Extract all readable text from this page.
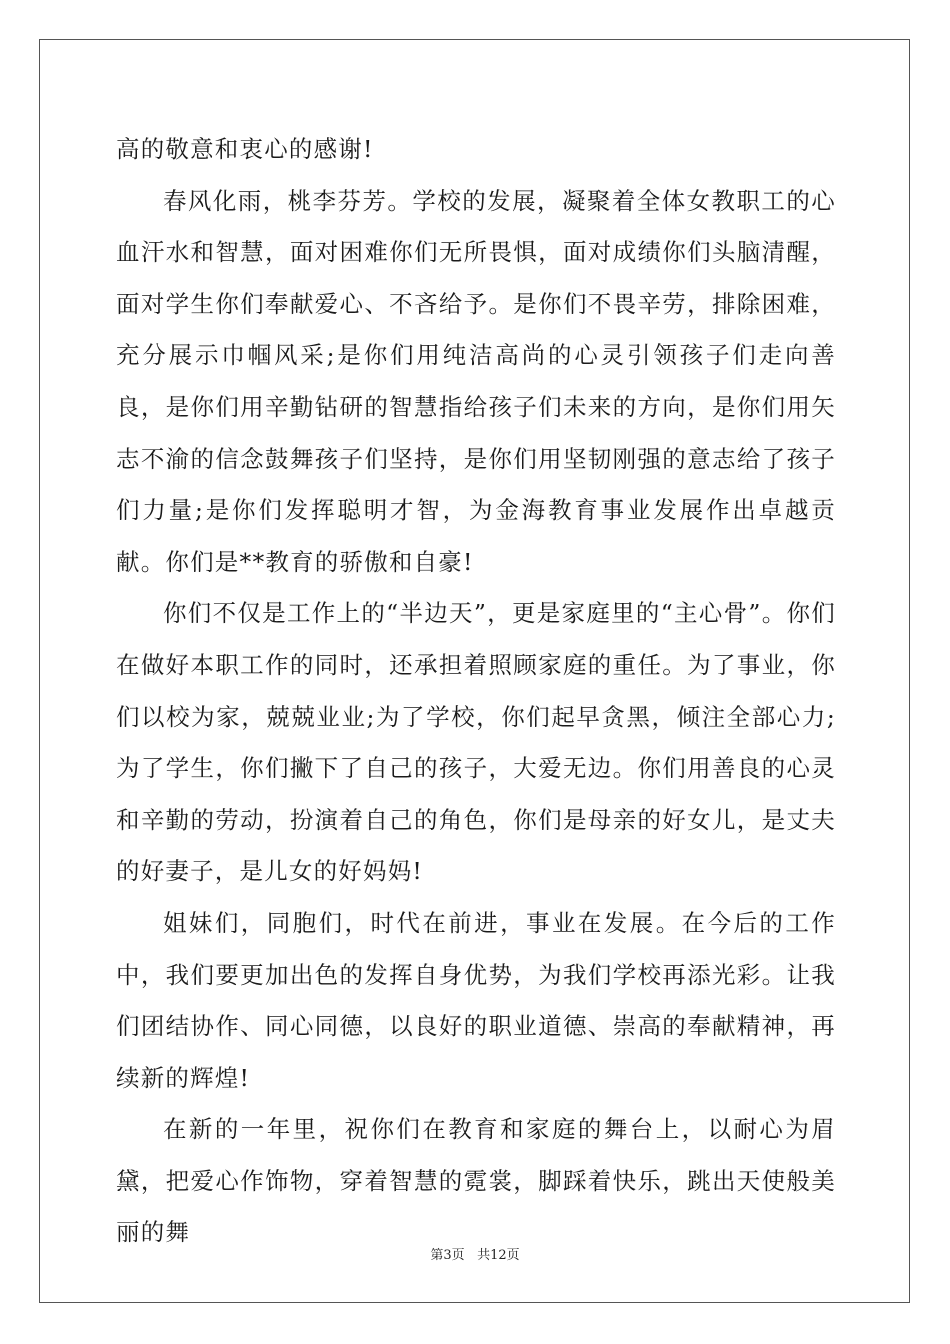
高的敬意和衷心的感谢!

春风化雨，桃李芬芳。学校的发展，凝聚着全体女教职工的心血汗水和智慧，面对困难你们无所畏惧，面对成绩你们头脑清醒，面对学生你们奉献爱心、不吝给予。是你们不畏辛劳，排除困难，充分展示巾帼风采;是你们用纯洁高尚的心灵引领孩子们走向善良，是你们用辛勤钻研的智慧指给孩子们未来的方向，是你们用矢志不渝的信念鼓舞孩子们坚持，是你们用坚韧刚强的意志给了孩子们力量;是你们发挥聪明才智，为金海教育事业发展作出卓越贡献。你们是**教育的骄傲和自豪!

你们不仅是工作上的“半边天”，更是家庭里的“主心骨”。你们在做好本职工作的同时，还承担着照顾家庭的重任。为了事业，你们以校为家，兢兢业业;为了学校，你们起早贪黑，倾注全部心力;为了学生，你们撇下了自己的孩子，大爱无边。你们用善良的心灵和辛勤的劳动，扮演着自己的角色，你们是母亲的好女儿，是丈夫的好妻子，是儿女的好妈妈!

姐妹们，同胞们，时代在前进，事业在发展。在今后的工作中，我们要更加出色的发挥自身优势，为我们学校再添光彩。让我们团结协作、同心同德，以良好的职业道德、崇高的奉献精神，再续新的辉煌!

在新的一年里，祝你们在教育和家庭的舞台上，以耐心为眉黛，把爱心作饰物，穿着智慧的霓裳，脚踩着快乐，跳出天使般美丽的舞

第3页 共12页
